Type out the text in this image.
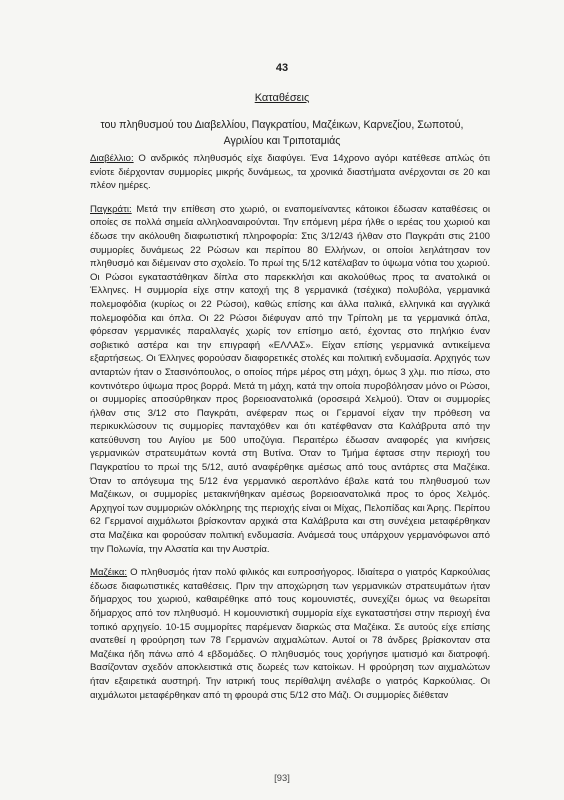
43
Καταθέσεις
του πληθυσμού του Διαβελλίου, Παγκρατίου, Μαζέικων, Καρνεζίου, Σωποτού,
Αγριλίου και Τριποταμιάς

Διαβέλλιο: Ο ανδρικός πληθυσμός είχε διαφύγει. Ένα 14χρονο αγόρι κατέθεσε απλώς ότι ενίοτε διέρχονταν συμμορίες μικρής δυνάμεως, τα χρονικά διαστήματα ανέρχονται σε 20 και πλέον ημέρες.

Παγκράτι: Μετά την επίθεση στο χωριό, οι εναπομείναντες κάτοικοι έδωσαν καταθέσεις οι οποίες σε πολλά σημεία αλληλοαναιρούνται. Την επόμενη μέρα ήλθε ο ιερέας του χωριού και έδωσε την ακόλουθη διαφωτιστική πληροφορία: Στις 3/12/43 ήλθαν στο Παγκράτι στις 2100 συμμορίες δυνάμεως 22 Ρώσων και περίπου 80 Ελλήνων, οι οποίοι λεηλάτησαν τον πληθυσμό και διέμειναν στο σχολείο. Το πρωί της 5/12 κατέλαβαν το ύψωμα νότια του χωριού. Οι Ρώσοι εγκαταστάθηκαν δίπλα στο παρεκκλήσι και ακολούθως προς τα ανατολικά οι Έλληνες. Η συμμορία είχε στην κατοχή της 8 γερμανικά (τσέχικα) πολυβόλα, γερμανικά πολεμοφόδια (κυρίως οι 22 Ρώσοι), καθώς επίσης και άλλα ιταλικά, ελληνικά και αγγλικά πολεμοφόδια και όπλα. Οι 22 Ρώσοι διέφυγαν από την Τρίπολη με τα γερμανικά όπλα, φόρεσαν γερμανικές παραλλαγές χωρίς τον επίσημο αετό, έχοντας στο πηλήκιο έναν σοβιετικό αστέρα και την επιγραφή «ΕΛΛΑΣ». Είχαν επίσης γερμανικά αντικείμενα εξαρτήσεως. Οι Έλληνες φορούσαν διαφορετικές στολές και πολιτική ενδυμασία. Αρχηγός των ανταρτών ήταν ο Στασινόπουλος, ο οποίος πήρε μέρος στη μάχη, όμως 3 χλμ. πιο πίσω, στο κοντινότερο ύψωμα προς βορρά. Μετά τη μάχη, κατά την οποία πυροβόλησαν μόνο οι Ρώσοι, οι συμμορίες αποσύρθηκαν προς βορειοανατολικά (οροσειρά Χελμού). Όταν οι συμμορίες ήλθαν στις 3/12 στο Παγκράτι, ανέφεραν πως οι Γερμανοί είχαν την πρόθεση να περικυκλώσουν τις συμμορίες πανταχόθεν και ότι κατέφθαναν στα Καλάβρυτα από την κατεύθυνση του Αιγίου με 500 υποζύγια. Περαιτέρω έδωσαν αναφορές για κινήσεις γερμανικών στρατευμάτων κοντά στη Βυτίνα. Όταν το Τμήμα έφτασε στην περιοχή του Παγκρατίου το πρωί της 5/12, αυτό αναφέρθηκε αμέσως από τους αντάρτες στα Μαζέικα. Όταν το απόγευμα της 5/12 ένα γερμανικό αεροπλάνο έβαλε κατά του πληθυσμού των Μαζέικων, οι συμμορίες μετακινήθηκαν αμέσως βορειοανατολικά προς το όρος Χελμός. Αρχηγοί των συμμοριών ολόκληρης της περιοχής είναι οι Μίχας, Πελοπίδας και Άρης. Περίπου 62 Γερμανοί αιχμάλωτοι βρίσκονταν αρχικά στα Καλάβρυτα και στη συνέχεια μεταφέρθηκαν στα Μαζέικα και φορούσαν πολιτική ενδυμασία. Ανάμεσά τους υπάρχουν γερμανόφωνοι από την Πολωνία, την Αλσατία και την Αυστρία.

Μαζέικα: Ο πληθυσμός ήταν πολύ φιλικός και ευπροσήγορος. Ιδιαίτερα ο γιατρός Καρκούλιας έδωσε διαφωτιστικές καταθέσεις. Πριν την αποχώρηση των γερμανικών στρατευμάτων ήταν δήμαρχος του χωριού, καθαιρέθηκε από τους κομουνιστές, συνεχίζει όμως να θεωρείται δήμαρχος από τον πληθυσμό. Η κομουνιστική συμμορία είχε εγκαταστήσει στην περιοχή ένα τοπικό αρχηγείο. 10-15 συμμορίτες παρέμεναν διαρκώς στα Μαζέικα. Σε αυτούς είχε επίσης ανατεθεί η φρούρηση των 78 Γερμανών αιχμαλώτων. Αυτοί οι 78 άνδρες βρίσκονταν στα Μαζέικα ήδη πάνω από 4 εβδομάδες. Ο πληθυσμός τους χορήγησε ιματισμό και διατροφή. Βασίζονταν σχεδόν αποκλειστικά στις δωρεές των κατοίκων. Η φρούρηση των αιχμαλώτων ήταν εξαιρετικά αυστηρή. Την ιατρική τους περίθαλψη ανέλαβε ο γιατρός Καρκούλιας. Οι αιχμάλωτοι μεταφέρθηκαν από τη φρουρά στις 5/12 στο Μάζι. Οι συμμορίες διέθεταν

[93]
